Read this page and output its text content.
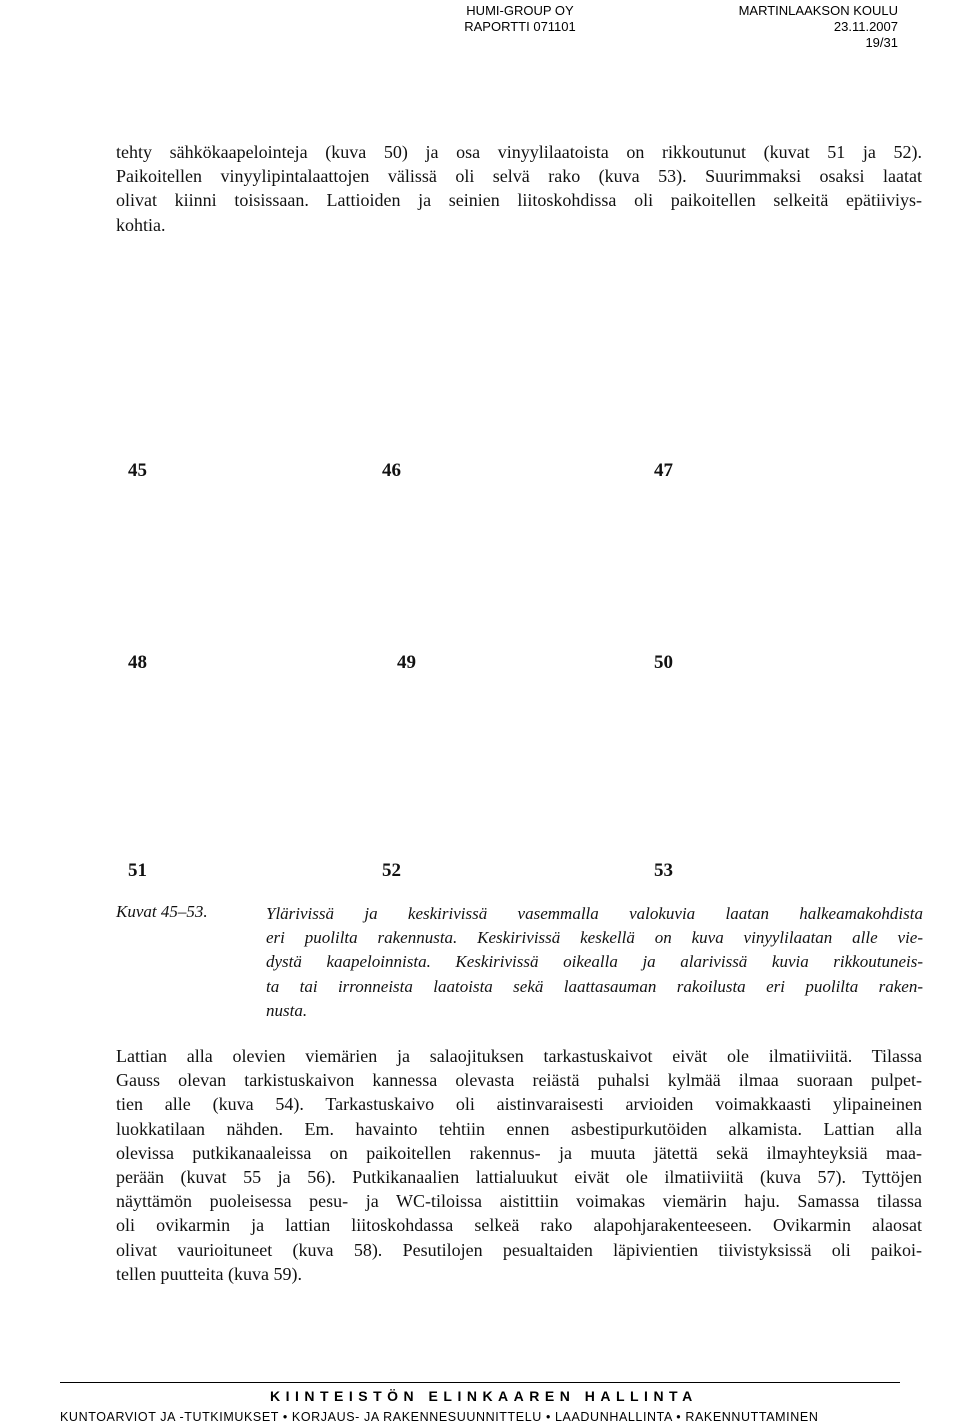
HUMI-GROUP OY
RAPORTTI 071101
MARTINLAAKSON KOULU
23.11.2007
19/31
tehty sähkökaapelointeja (kuva 50) ja osa vinyylilaatoista on rikkoutunut (kuvat 51 ja 52).
Paikoitellen vinyylipintalaattojen välissä oli selvä rako (kuva 53). Suurimmaksi osaksi laatat
olivat kiinni toisissaan. Lattioiden ja seinien liitoskohdissa oli paikoitellen selkeitä epätiiviys-
kohtia.
45	46	47
48	49	50
51	52	53
Kuvat 45–53.	Ylärivissä ja keskirivissä vasemmalla valokuvia laatan halkeamakohdista
eri puolilta rakennusta. Keskirivissä keskellä on kuva vinyylilaatan alle vie-
dystä kaapeloinnista. Keskirivissä oikealla ja alarivissä kuvia rikkoutuneis-
ta tai irronneista laatoista sekä laattasauman rakoilusta eri puolilta raken-
nusta.
Lattian alla olevien viemärien ja salaojituksen tarkastuskaivot eivät ole ilmatiiviitä. Tilassa
Gauss olevan tarkistuskaivon kannessa olevasta reiästä puhalsi kylmää ilmaa suoraan pulpet-
tien alle (kuva 54). Tarkastuskaivo oli aistinvaraisesti arvioiden voimakkaasti ylipaineinen
luokkatilaan nähden. Em. havainto tehtiin ennen asbestipurkutöiden alkamista. Lattian alla
olevissa putkikanaaleissa on paikoitellen rakennus- ja muuta jätettä sekä ilmayhteyksiä maa-
perään (kuvat 55 ja 56). Putkikanaalien lattialuukut eivät ole ilmatiiviitä (kuva 57). Tyttöjen
näyttämön puoleisessa pesu- ja WC-tiloissa aistittiin voimakas viemärin haju. Samassa tilassa
oli ovikarmin ja lattian liitoskohdassa selkeä rako alapohjarakenteeseen. Ovikarmin alaosat
olivat vaurioituneet (kuva 58). Pesutilojen pesualtaiden läpivientien tiivistyksissä oli paikoi-
tellen puutteita (kuva 59).
KIINTEISTÖN ELINKAAREN HALLINTA
KUNTOARVIOT JA -TUTKIMUKSET • KORJAUS- JA RAKENNESUUNNITTELU • LAADUNHALLINTA • RAKENNUTTAMINEN
